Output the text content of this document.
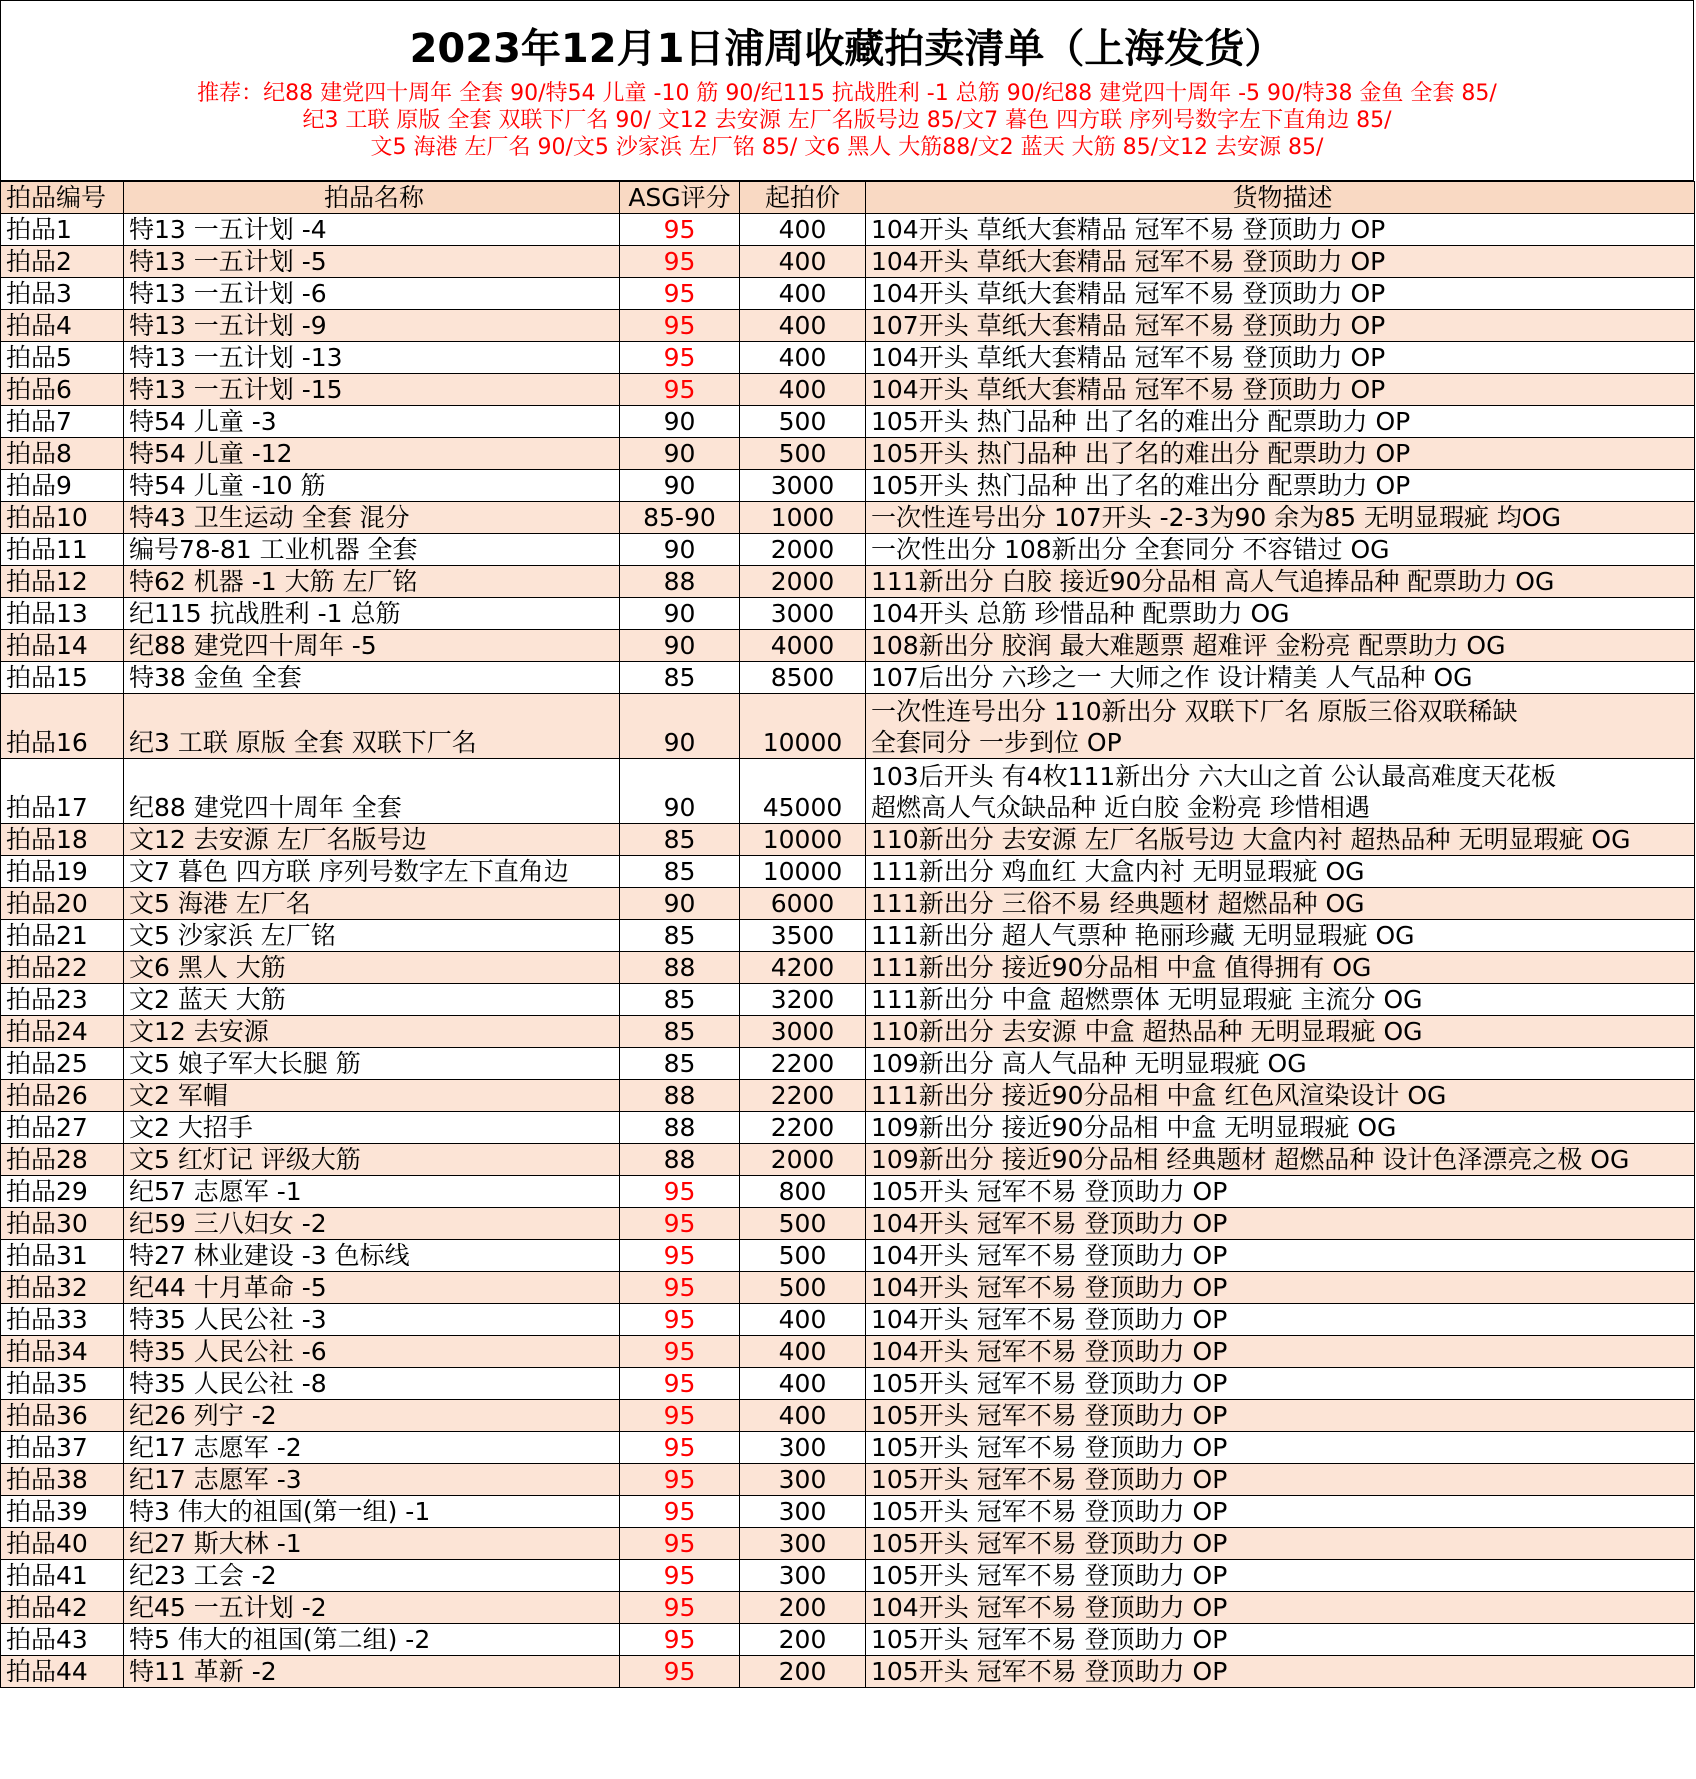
2023年12月1日浦周收藏拍卖清单（上海发货）
推荐：纪88 建党四十周年 全套 90/特54 儿童 -10 筋 90/纪115 抗战胜利 -1 总筋 90/纪88 建党四十周年 -5 90/特38 金鱼 全套 85/
纪3 工联 原版 全套 双联下厂名 90/ 文12 去安源 左厂名版号边 85/文7 暮色 四方联 序列号数字左下直角边 85/
文5 海港 左厂名 90/文5 沙家浜 左厂铭 85/ 文6 黑人 大筋88/文2 蓝天 大筋 85/文12 去安源 85/
拍品编号	拍品名称	ASG评分	起拍价	货物描述
拍品1	特13 一五计划 -4	95	400	104开头 草纸大套精品 冠军不易 登顶助力 OP
拍品2	特13 一五计划 -5	95	400	104开头 草纸大套精品 冠军不易 登顶助力 OP
拍品3	特13 一五计划 -6	95	400	104开头 草纸大套精品 冠军不易 登顶助力 OP
拍品4	特13 一五计划 -9	95	400	107开头 草纸大套精品 冠军不易 登顶助力 OP
拍品5	特13 一五计划 -13	95	400	104开头 草纸大套精品 冠军不易 登顶助力 OP
拍品6	特13 一五计划 -15	95	400	104开头 草纸大套精品 冠军不易 登顶助力 OP
拍品7	特54 儿童 -3	90	500	105开头 热门品种 出了名的难出分 配票助力 OP
拍品8	特54 儿童 -12	90	500	105开头 热门品种 出了名的难出分 配票助力 OP
拍品9	特54 儿童 -10 筋	90	3000	105开头 热门品种 出了名的难出分 配票助力 OP
拍品10	特43 卫生运动 全套 混分	85-90	1000	一次性连号出分 107开头 -2-3为90 余为85 无明显瑕疵 均OG
拍品11	编号78-81 工业机器 全套	90	2000	一次性出分 108新出分 全套同分 不容错过 OG
拍品12	特62 机器 -1 大筋 左厂铭	88	2000	111新出分 白胶 接近90分品相 高人气追捧品种 配票助力 OG
拍品13	纪115 抗战胜利 -1 总筋	90	3000	104开头 总筋 珍惜品种 配票助力 OG
拍品14	纪88 建党四十周年 -5	90	4000	108新出分 胶润 最大难题票 超难评 金粉亮 配票助力 OG
拍品15	特38 金鱼 全套	85	8500	107后出分 六珍之一 大师之作 设计精美 人气品种 OG
拍品16	纪3 工联 原版 全套 双联下厂名	90	10000	一次性连号出分 110新出分 双联下厂名 原版三俗双联稀缺
全套同分 一步到位 OP
拍品17	纪88 建党四十周年 全套	90	45000	103后开头 有4枚111新出分 六大山之首 公认最高难度天花板
超燃高人气众缺品种 近白胶 金粉亮 珍惜相遇
拍品18	文12 去安源 左厂名版号边	85	10000	110新出分 去安源 左厂名版号边 大盒内衬 超热品种 无明显瑕疵 OG
拍品19	文7 暮色 四方联 序列号数字左下直角边	85	10000	111新出分 鸡血红 大盒内衬 无明显瑕疵 OG
拍品20	文5 海港 左厂名	90	6000	111新出分 三俗不易 经典题材 超燃品种 OG
拍品21	文5 沙家浜 左厂铭	85	3500	111新出分 超人气票种 艳丽珍藏 无明显瑕疵 OG
拍品22	文6 黑人 大筋	88	4200	111新出分 接近90分品相 中盒 值得拥有 OG
拍品23	文2 蓝天 大筋	85	3200	111新出分 中盒 超燃票体 无明显瑕疵 主流分 OG
拍品24	文12 去安源	85	3000	110新出分 去安源 中盒 超热品种 无明显瑕疵 OG
拍品25	文5 娘子军大长腿 筋	85	2200	109新出分 高人气品种 无明显瑕疵 OG
拍品26	文2 军帽	88	2200	111新出分 接近90分品相 中盒 红色风渲染设计 OG
拍品27	文2 大招手	88	2200	109新出分 接近90分品相 中盒 无明显瑕疵 OG
拍品28	文5 红灯记 评级大筋	88	2000	109新出分 接近90分品相 经典题材 超燃品种 设计色泽漂亮之极 OG
拍品29	纪57 志愿军 -1	95	800	105开头 冠军不易 登顶助力 OP
拍品30	纪59 三八妇女 -2	95	500	104开头 冠军不易 登顶助力 OP
拍品31	特27 林业建设 -3 色标线	95	500	104开头 冠军不易 登顶助力 OP
拍品32	纪44 十月革命 -5	95	500	104开头 冠军不易 登顶助力 OP
拍品33	特35 人民公社 -3	95	400	104开头 冠军不易 登顶助力 OP
拍品34	特35 人民公社 -6	95	400	104开头 冠军不易 登顶助力 OP
拍品35	特35 人民公社 -8	95	400	105开头 冠军不易 登顶助力 OP
拍品36	纪26 列宁 -2	95	400	105开头 冠军不易 登顶助力 OP
拍品37	纪17 志愿军 -2	95	300	105开头 冠军不易 登顶助力 OP
拍品38	纪17 志愿军 -3	95	300	105开头 冠军不易 登顶助力 OP
拍品39	特3 伟大的祖国(第一组) -1	95	300	105开头 冠军不易 登顶助力 OP
拍品40	纪27 斯大林 -1	95	300	105开头 冠军不易 登顶助力 OP
拍品41	纪23 工会 -2	95	300	105开头 冠军不易 登顶助力 OP
拍品42	纪45 一五计划 -2	95	200	104开头 冠军不易 登顶助力 OP
拍品43	特5 伟大的祖国(第二组) -2	95	200	105开头 冠军不易 登顶助力 OP
拍品44	特11 革新 -2	95	200	105开头 冠军不易 登顶助力 OP
